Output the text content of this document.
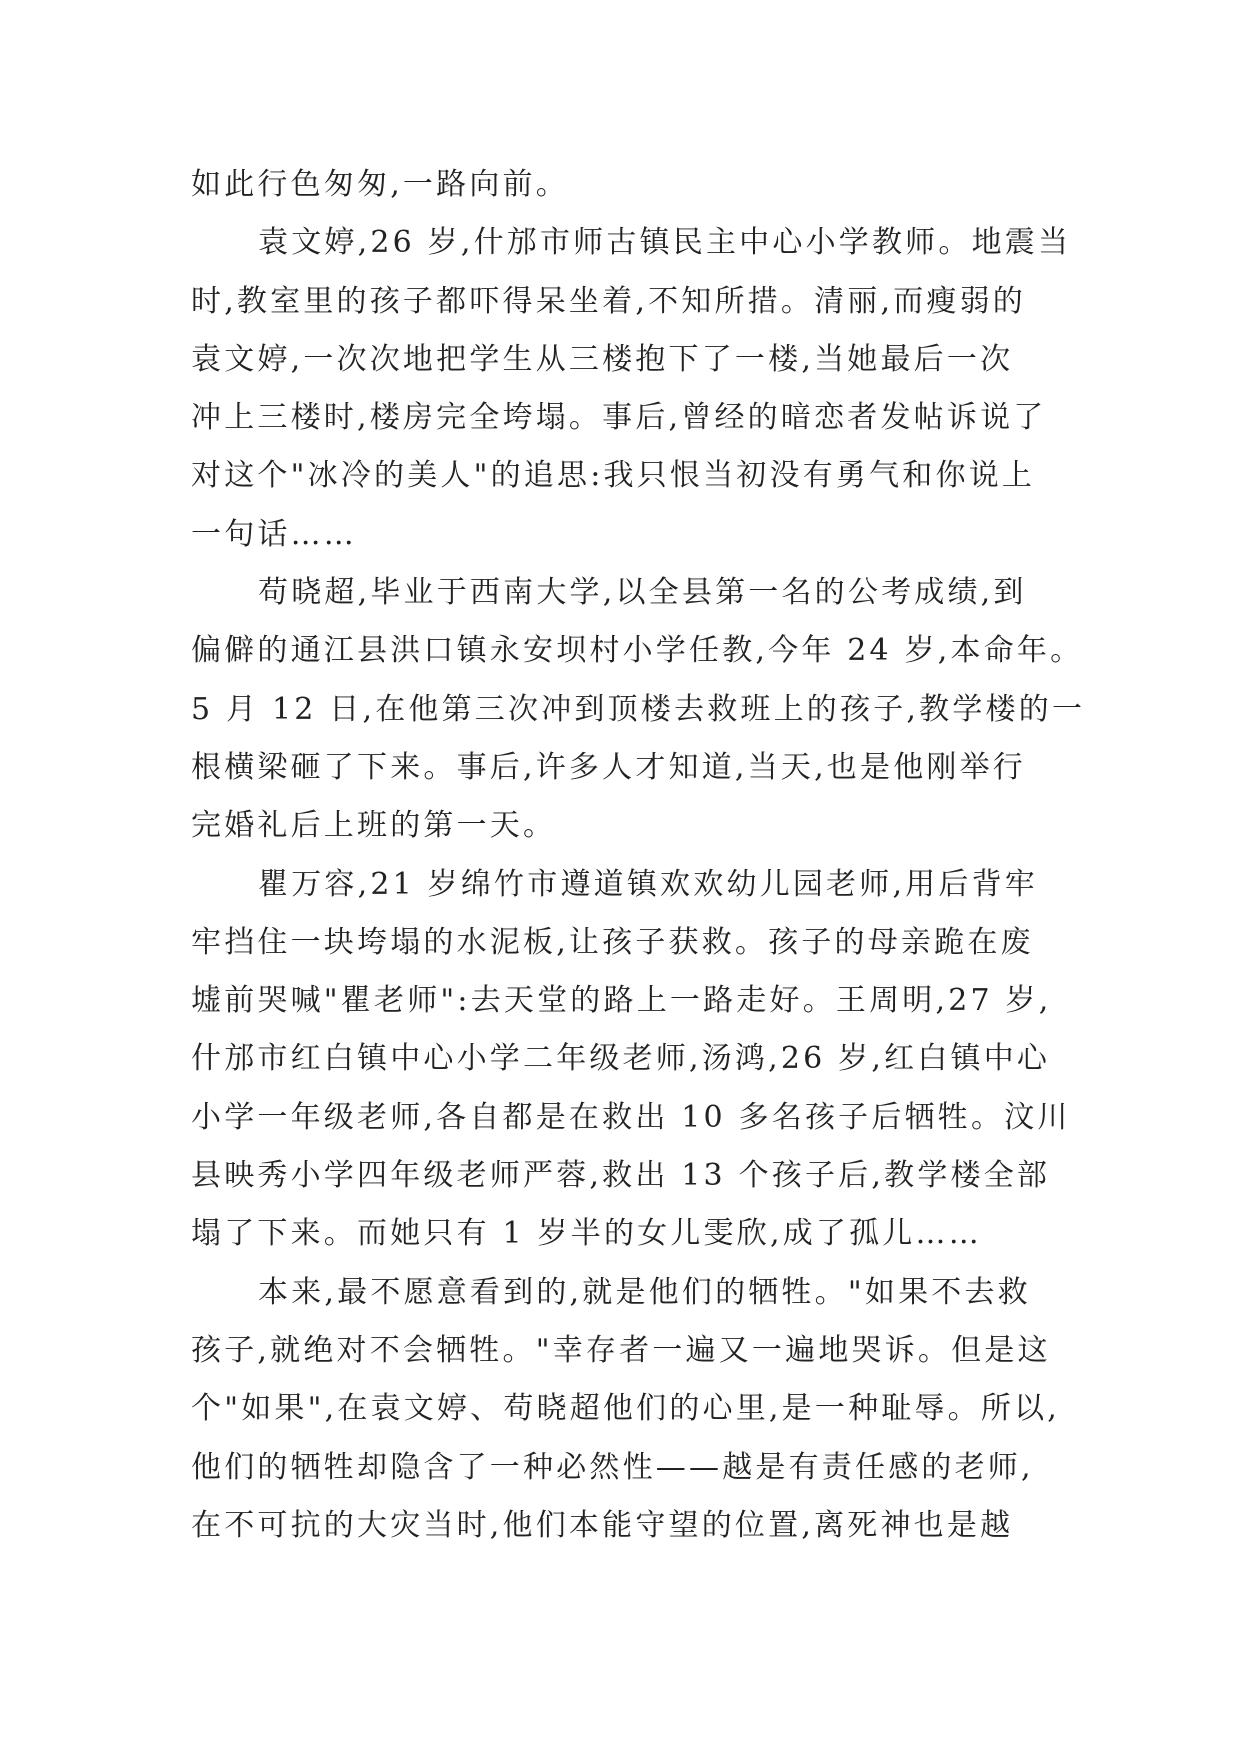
如此行色匆匆,一路向前。

袁文婷,26 岁,什邡市师古镇民主中心小学教师。地震当

时,教室里的孩子都吓得呆坐着,不知所措。清丽,而瘦弱的

袁文婷,一次次地把学生从三楼抱下了一楼,当她最后一次

冲上三楼时,楼房完全垮塌。事后,曾经的暗恋者发帖诉说了

对这个"冰冷的美人"的追思:我只恨当初没有勇气和你说上

一句话……

苟晓超,毕业于西南大学,以全县第一名的公考成绩,到

偏僻的通江县洪口镇永安坝村小学任教,今年 24 岁,本命年。

5 月 12 日,在他第三次冲到顶楼去救班上的孩子,教学楼的一

根横梁砸了下来。事后,许多人才知道,当天,也是他刚举行

完婚礼后上班的第一天。

瞿万容,21 岁绵竹市遵道镇欢欢幼儿园老师,用后背牢

牢挡住一块垮塌的水泥板,让孩子获救。孩子的母亲跪在废

墟前哭喊"瞿老师":去天堂的路上一路走好。王周明,27 岁,

什邡市红白镇中心小学二年级老师,汤鸿,26 岁,红白镇中心

小学一年级老师,各自都是在救出 10 多名孩子后牺牲。汶川

县映秀小学四年级老师严蓉,救出 13 个孩子后,教学楼全部

塌了下来。而她只有 1 岁半的女儿雯欣,成了孤儿……

本来,最不愿意看到的,就是他们的牺牲。"如果不去救

孩子,就绝对不会牺牲。"幸存者一遍又一遍地哭诉。但是这

个"如果",在袁文婷、苟晓超他们的心里,是一种耻辱。所以,

他们的牺牲却隐含了一种必然性——越是有责任感的老师,

在不可抗的大灾当时,他们本能守望的位置,离死神也是越
